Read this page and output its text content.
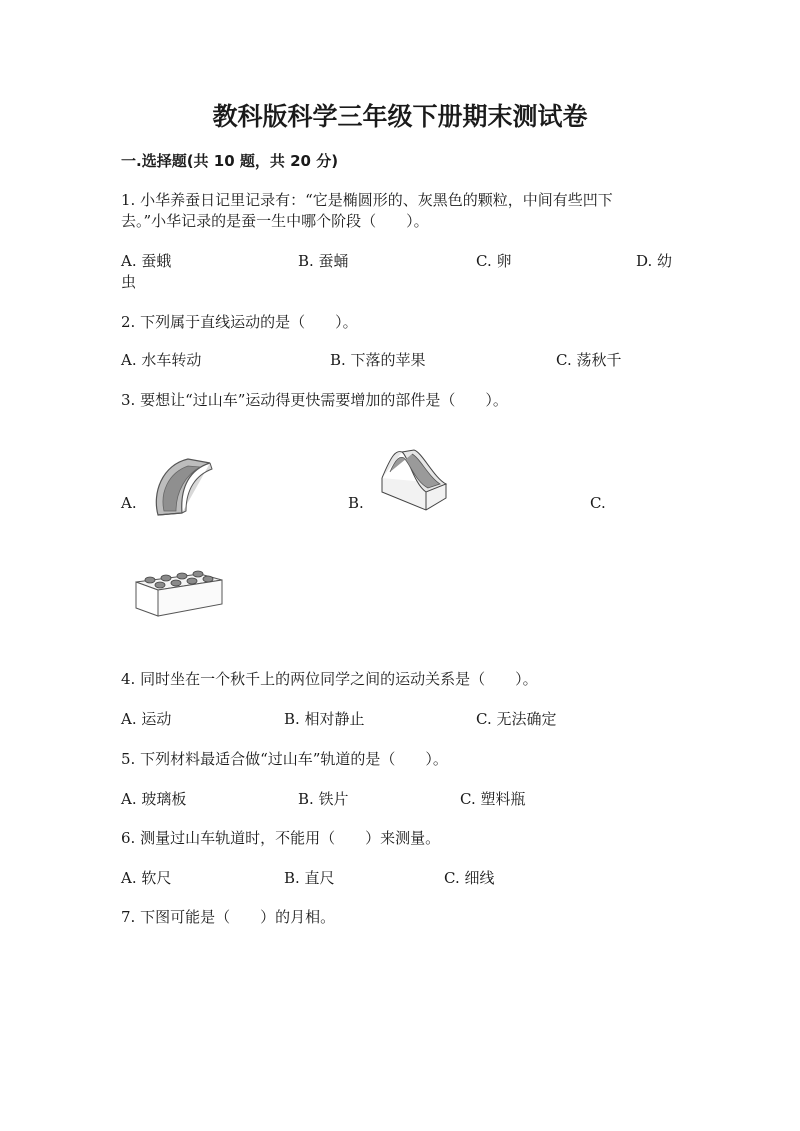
教科版科学三年级下册期末测试卷
一.选择题(共 10 题，共 20 分)
1. 小华养蚕日记里记录有：“它是椭圆形的、灰黑色的颗粒，中间有些凹下
去。”小华记录的是蚕一生中哪个阶段（　　）。
A. 蚕蛾	B. 蚕蛹	C. 卵	D. 幼
虫
2. 下列属于直线运动的是（　　）。
A. 水车转动	B. 下落的苹果	C. 荡秋千
3. 要想让“过山车”运动得更快需要增加的部件是（　　）。
A.	B.	C.
4. 同时坐在一个秋千上的两位同学之间的运动关系是（　　）。
A. 运动	B. 相对静止	C. 无法确定
5. 下列材料最适合做“过山车”轨道的是（　　）。
A. 玻璃板	B. 铁片	C. 塑料瓶
6. 测量过山车轨道时，不能用（　　）来测量。
A. 软尺	B. 直尺	C. 细线
7. 下图可能是（　　）的月相。
